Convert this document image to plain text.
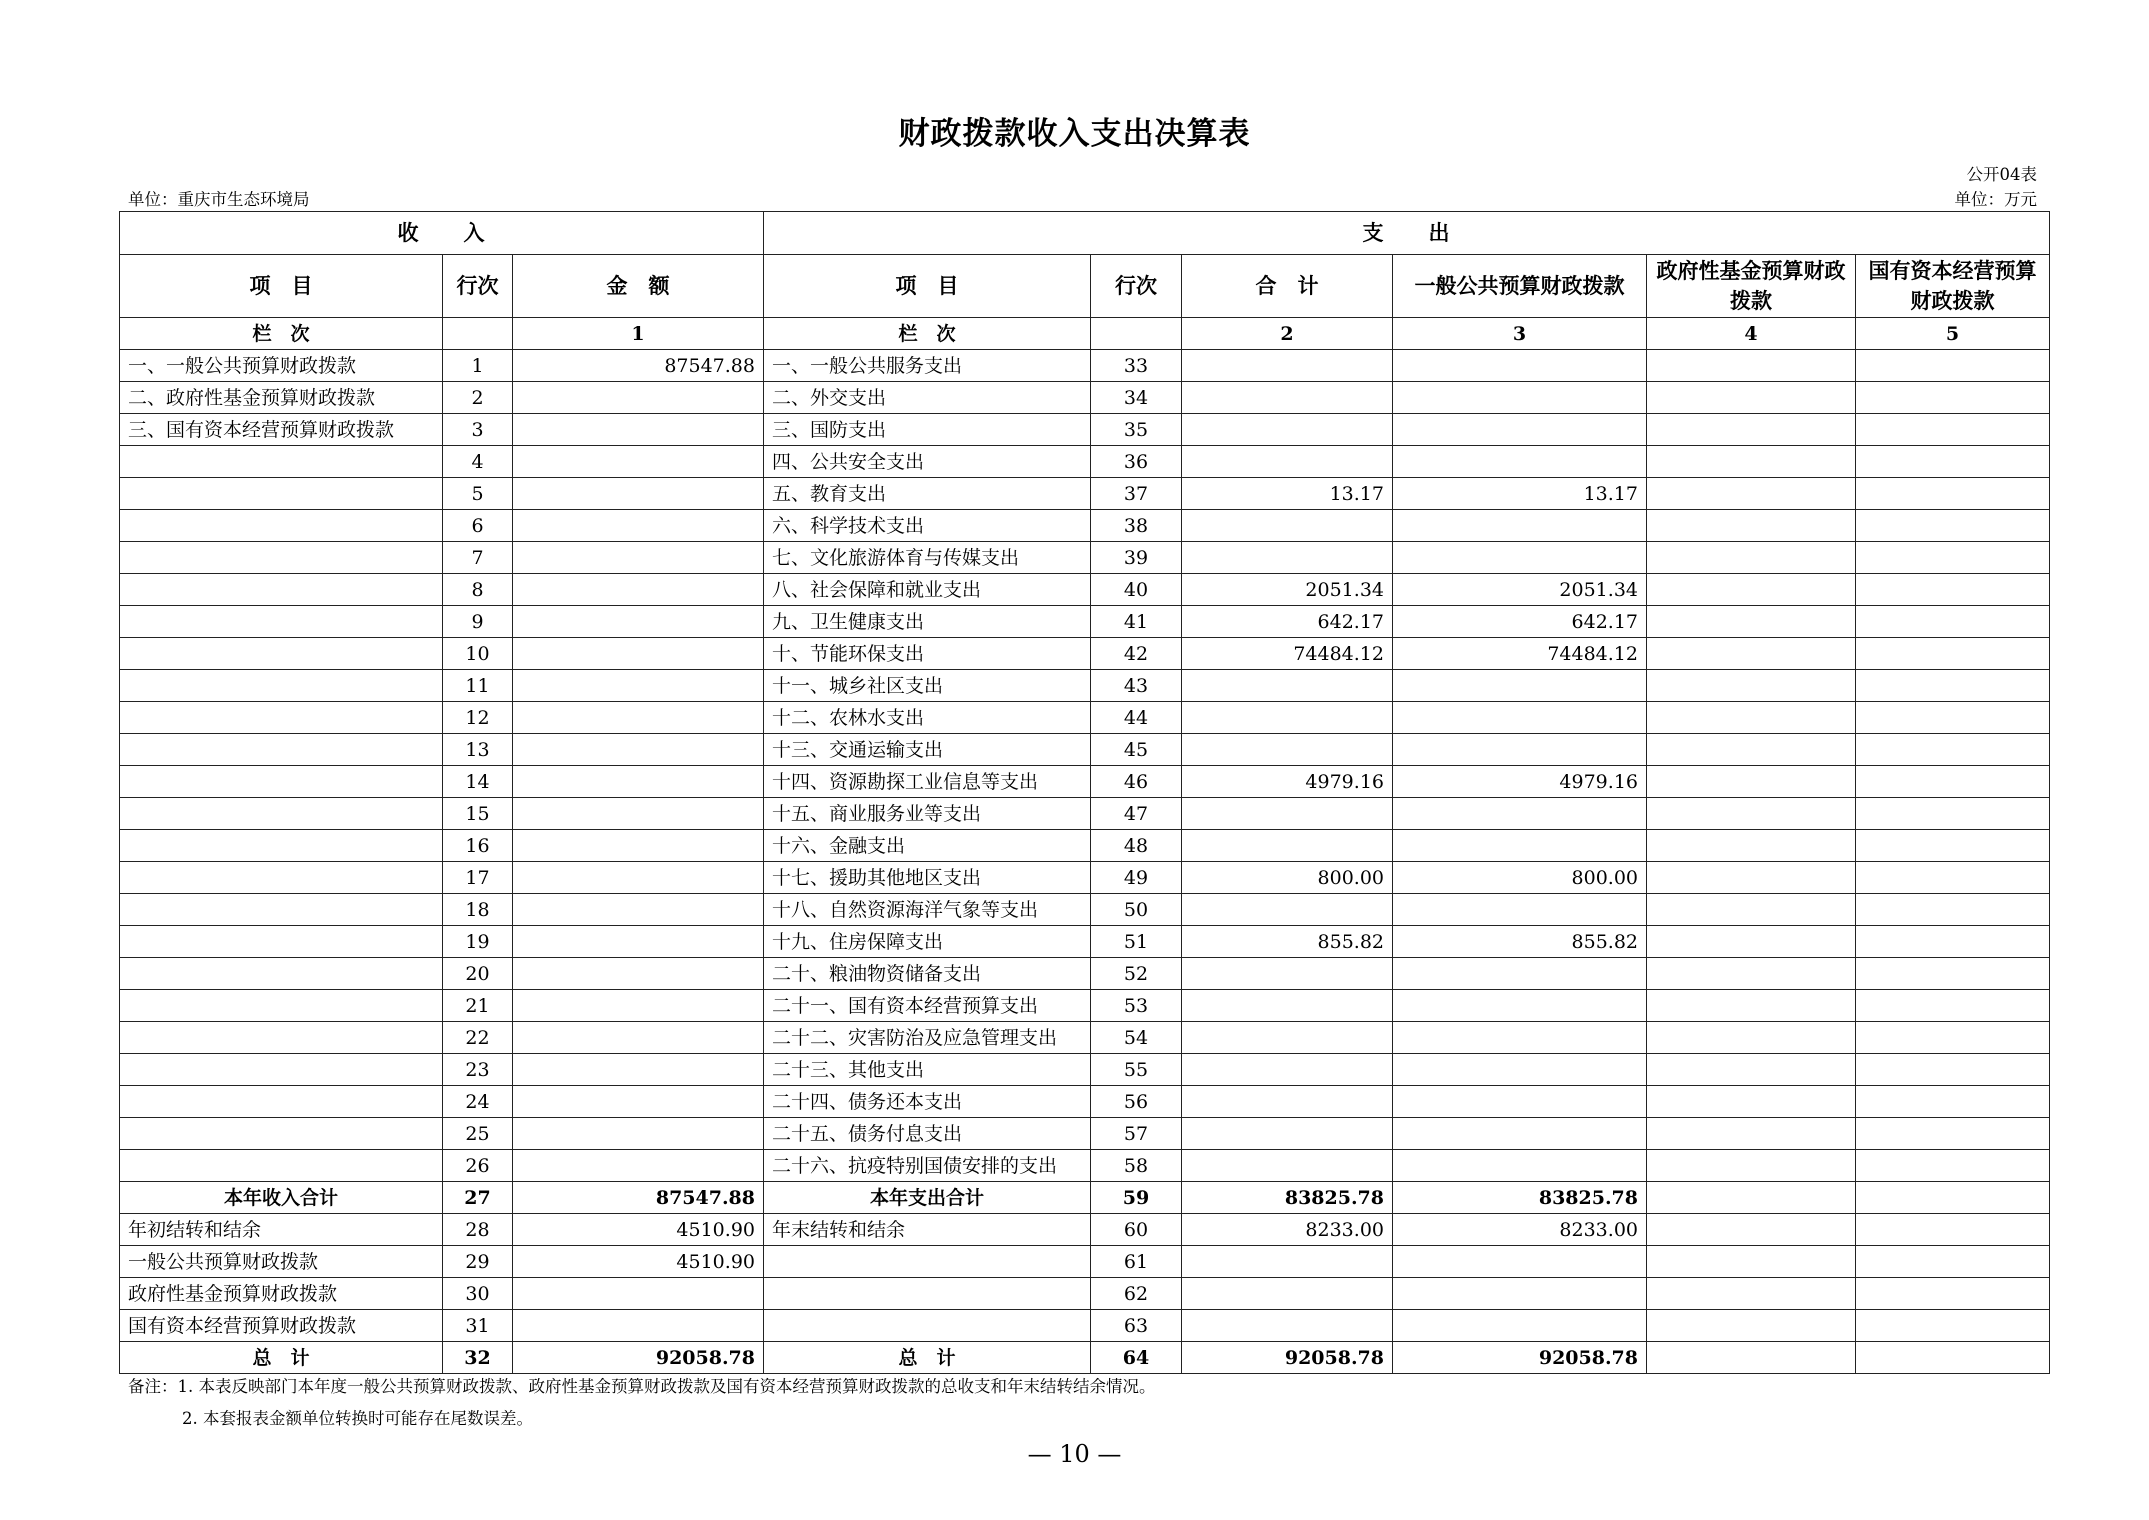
财政拨款收入支出决算表
单位：重庆市生态环境局
公开04表
单位：万元
收　　入			支　　出					
项　目	行次	金　额	项　目	行次	合　计	一般公共预算财政拨款	政府性基金预算财政拨款	国有资本经营预算财政拨款
栏　次		1	栏　次		2	3	4	5
一、一般公共预算财政拨款	1	87547.88	一、一般公共服务支出	33				
二、政府性基金预算财政拨款	2		二、外交支出	34				
三、国有资本经营预算财政拨款	3		三、国防支出	35				
	4		四、公共安全支出	36				
	5		五、教育支出	37	13.17	13.17		
	6		六、科学技术支出	38				
	7		七、文化旅游体育与传媒支出	39				
	8		八、社会保障和就业支出	40	2051.34	2051.34		
	9		九、卫生健康支出	41	642.17	642.17		
	10		十、节能环保支出	42	74484.12	74484.12		
	11		十一、城乡社区支出	43				
	12		十二、农林水支出	44				
	13		十三、交通运输支出	45				
	14		十四、资源勘探工业信息等支出	46	4979.16	4979.16		
	15		十五、商业服务业等支出	47				
	16		十六、金融支出	48				
	17		十七、援助其他地区支出	49	800.00	800.00		
	18		十八、自然资源海洋气象等支出	50				
	19		十九、住房保障支出	51	855.82	855.82		
	20		二十、粮油物资储备支出	52				
	21		二十一、国有资本经营预算支出	53				
	22		二十二、灾害防治及应急管理支出	54				
	23		二十三、其他支出	55				
	24		二十四、债务还本支出	56				
	25		二十五、债务付息支出	57				
	26		二十六、抗疫特别国债安排的支出	58				
本年收入合计	27	87547.88	本年支出合计	59	83825.78	83825.78		
年初结转和结余	28	4510.90	年末结转和结余	60	8233.00	8233.00		
一般公共预算财政拨款	29	4510.90		61				
政府性基金预算财政拨款	30			62				
国有资本经营预算财政拨款	31			63				
总　计	32	92058.78	总　计	64	92058.78	92058.78		
备注：1. 本表反映部门本年度一般公共预算财政拨款、政府性基金预算财政拨款及国有资本经营预算财政拨款的总收支和年末结转结余情况。
2. 本套报表金额单位转换时可能存在尾数误差。
— 10 —
